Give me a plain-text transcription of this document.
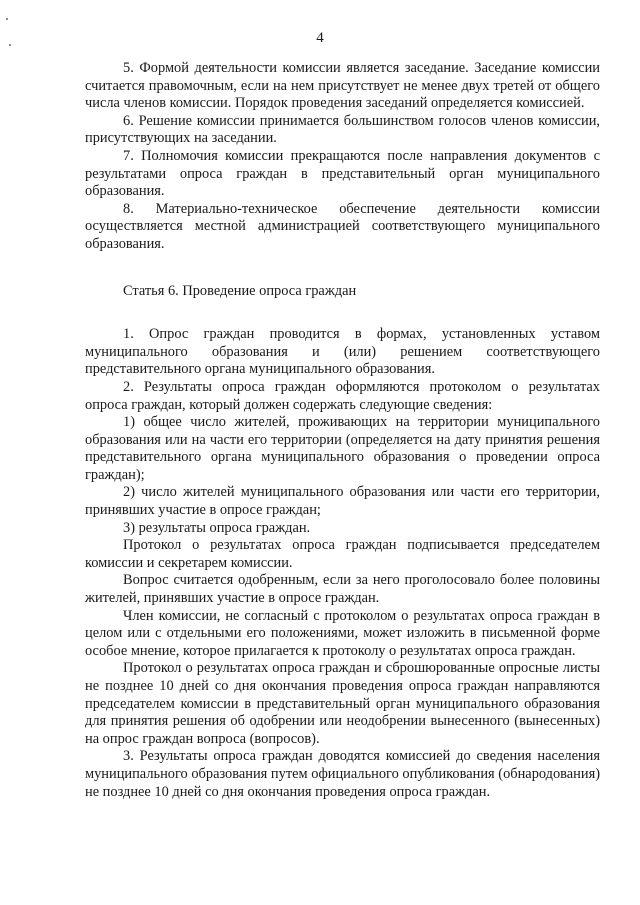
4

5. Формой деятельности комиссии является заседание. Заседание комиссии считается правомочным, если на нем присутствует не менее двух третей от общего числа членов комиссии. Порядок проведения заседаний определяется комиссией.

6. Решение комиссии принимается большинством голосов членов комиссии, присутствующих на заседании.

7. Полномочия комиссии прекращаются после направления документов с результатами опроса граждан в представительный орган муниципального образования.

8. Материально-техническое обеспечение деятельности комиссии осуществляется местной администрацией соответствующего муниципального образования.

Статья 6. Проведение опроса граждан

1. Опрос граждан проводится в формах, установленных уставом муниципального образования и (или) решением соответствующего представительного органа муниципального образования.

2. Результаты опроса граждан оформляются протоколом о результатах опроса граждан, который должен содержать следующие сведения:

1) общее число жителей, проживающих на территории муниципального образования или на части его территории (определяется на дату принятия решения представительного органа муниципального образования о проведении опроса граждан);

2) число жителей муниципального образования или части его территории, принявших участие в опросе граждан;

3) результаты опроса граждан.

Протокол о результатах опроса граждан подписывается председателем комиссии и секретарем комиссии.

Вопрос считается одобренным, если за него проголосовало более половины жителей, принявших участие в опросе граждан.

Член комиссии, не согласный с протоколом о результатах опроса граждан в целом или с отдельными его положениями, может изложить в письменной форме особое мнение, которое прилагается к протоколу о результатах опроса граждан.

Протокол о результатах опроса граждан и сброшюрованные опросные листы не позднее 10 дней со дня окончания проведения опроса граждан направляются председателем комиссии в представительный орган муниципального образования для принятия решения об одобрении или неодобрении вынесенного (вынесенных) на опрос граждан вопроса (вопросов).

3. Результаты опроса граждан доводятся комиссией до сведения населения муниципального образования путем официального опубликования (обнародования) не позднее 10 дней со дня окончания проведения опроса граждан.
